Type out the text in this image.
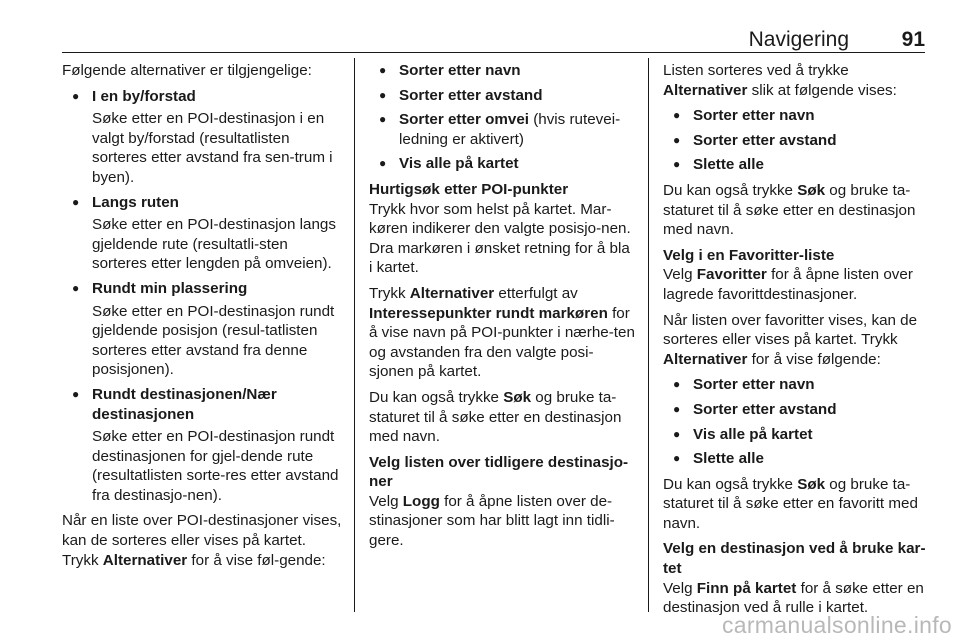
Navigering	91

Følgende alternativer er tilgjengelige:

● I en by/forstad
Søke etter en POI-destinasjon i en valgt by/forstad (resultatlisten sorteres etter avstand fra sen-trum i byen).
● Langs ruten
Søke etter en POI-destinasjon langs gjeldende rute (resultatli-sten sorteres etter lengden på omveien).
● Rundt min plassering
Søke etter en POI-destinasjon rundt gjeldende posisjon (resul-tatlisten sorteres etter avstand fra denne posisjonen).
● Rundt destinasjonen/Nær destinasjonen
Søke etter en POI-destinasjon rundt destinasjonen for gjel-dende rute (resultatlisten sorte-res etter avstand fra destinasjo-nen).

Når en liste over POI-destinasjoner vises, kan de sorteres eller vises på kartet. Trykk Alternativer for å vise føl-gende:

● Sorter etter navn
● Sorter etter avstand
● Sorter etter omvei (hvis rutevei-ledning er aktivert)
● Vis alle på kartet

Hurtigsøk etter POI-punkter

Trykk hvor som helst på kartet. Mar-køren indikerer den valgte posisjo-nen. Dra markøren i ønsket retning for å bla i kartet.

Trykk Alternativer etterfulgt av Interessepunkter rundt markøren for å vise navn på POI-punkter i nærhe-ten og avstanden fra den valgte posi-sjonen på kartet.

Du kan også trykke Søk og bruke ta-staturet til å søke etter en destinasjon med navn.

Velg listen over tidligere destinasjo-ner

Velg Logg for å åpne listen over de-stinasjoner som har blitt lagt inn tidli-gere.

Listen sorteres ved å trykke Alternativer slik at følgende vises:

● Sorter etter navn
● Sorter etter avstand
● Slette alle

Du kan også trykke Søk og bruke ta-staturet til å søke etter en destinasjon med navn.

Velg i en Favoritter-liste

Velg Favoritter for å åpne listen over lagrede favorittdestinasjoner.

Når listen over favoritter vises, kan de sorteres eller vises på kartet. Trykk Alternativer for å vise følgende:

● Sorter etter navn
● Sorter etter avstand
● Vis alle på kartet
● Slette alle

Du kan også trykke Søk og bruke ta-staturet til å søke etter en favoritt med navn.

Velg en destinasjon ved å bruke kar-tet

Velg Finn på kartet for å søke etter en destinasjon ved å rulle i kartet.

carmanualsonline.info
